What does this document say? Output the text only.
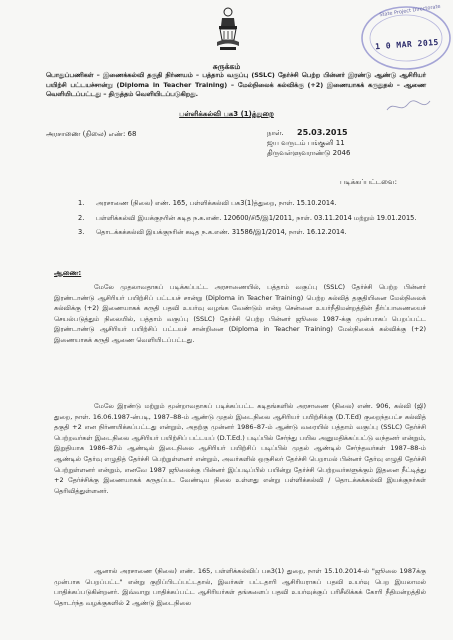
State Project Directorate
1 0 MAR 2015
சுருக்கம்
பொதுப்பணிகள் – இணைக்கல்வி தகுதி நிர்ணயம் – பத்தாம் வகுப்பு (SSLC) தேர்ச்சி பெற்ற பின்னர் இரண்டு ஆண்டு ஆசிரியர் பயிற்சி பட்டயச்சான்று (Diploma in Teacher Training) – மேல்நிலைக் கல்விக்கு (+2) இணையாகக் கருதுதல் – ஆணை வெளியிடப்பட்டது – திருத்தம் வெளியிடப்படுகிறது.
பள்ளிக்கல்வி பக3 (1)த்துறை
அரசாணை (நிலை) எண்: 68	நாள். 25.03.2015
ஜய வருடம் பங்குனி 11
திருவள்ளுவராண்டு 2046
படிக்கப்பட்டவை:
1. அரசாணை (நிலை) எண். 165, பள்ளிக்கல்வி பக3(1)த்துறை, நாள். 15.10.2014.
2. பள்ளிக்கல்வி இயக்குநரின் கடித ந.க.எண். 120600/சி5/இ1/2011, நாள். 03.11.2014 மற்றும் 19.01.2015.
3. தொடக்கக்கல்வி இயக்குநரின் கடித ந.க.எண். 31586/இ1/2014, நாள். 16.12.2014.
ஆணை:
மேலே முதலாவதாகப் படிக்கப்பட்ட அரசாணையில், பத்தாம் வகுப்பு (SSLC) தேர்ச்சி பெற்ற பின்னர் இரண்டாண்டு ஆசிரியர் பயிற்சிப் பட்டயச் சான்று (Diploma in Teacher Training) பெற்ற கல்வித் தகுதியினை மேல்நிலைக் கல்விக்கு (+2) இணையாகக் கருதி பதவி உயர்வு வழங்க வேண்டும் என்ற சென்னை உயர்நீதிமன்றத்தின் தீர்ப்பாணையைச் செயல்படுத்தும் நிலையில், பத்தாம் வகுப்பு (SSLC) தேர்ச்சி பெற்ற பின்னர் ஜூலை 1987-க்கு முன்பாகப் பெறப்பட்ட இரண்டாண்டு ஆசிரியர் பயிற்சிப் பட்டயச் சான்றினை (Diploma in Teacher Training) மேல்நிலைக் கல்விக்கு (+2) இணையாகக் கருதி ஆணை வெளியிடப்பட்டது.
மேலே இரண்டு மற்றும் மூன்றாவதாகப் படிக்கப்பட்ட கடிதங்களில் அரசாணை (நிலை) எண். 906, கல்வி (ஜி) துறை, நாள். 16.06.1987-ன்படி, 1987–88-ம் ஆண்டு முதல் இடைநிலை ஆசிரியர் பயிற்சிக்கு (D.T.Ed) குறைந்தபட்ச கல்வித் தகுதி +2 என நிர்ணயிக்கப்பட்டது என்றும், அதற்கு முன்னர் 1986–87-ம் ஆண்டு வரையில் பத்தாம் வகுப்பு (SSLC) தேர்ச்சி பெற்றவர்கள் இடைநிலை ஆசிரியர் பயிற்சிப் பட்டயப் (D.T.Ed.) படிப்பில் சேர்ந்து பயில அனுமதிக்கப்பட்டு வந்தனர் என்றும், இறுதியாக 1986–87ம் ஆண்டில் இடைநிலை ஆசிரியர் பயிற்சிப் படிப்பில் முதல் ஆண்டில் சேர்ந்தவர்கள் 1987–88-ம் ஆண்டில் தேர்வு எழுதித் தேர்ச்சி பெற்றுள்ளனர் என்றும், அவர்களில் ஒருசிலர் தேர்ச்சி பெறாமல் பின்னர் தேர்வு எழுதி தேர்ச்சி பெற்றுள்ளனர் என்றும், எனவே 1987 ஜூலைக்கு பின்னர் இப்படிப்பில் பயின்று தேர்ச்சி பெற்றவர்களுக்கும் இதனை நீட்டித்து +2 தேர்ச்சிக்கு இணையாகக் கருதப்பட வேண்டிய நிலை உள்ளது என்று பள்ளிக்கல்வி / தொடக்கக்கல்வி இயக்குநர்கள் தெரிவித்துள்ளனர்.
ஆனால் அரசாணை (நிலை) எண். 165, பள்ளிக்கல்விப் பக3(1) துறை, நாள் 15.10.2014-ல் "ஜூலை 1987க்கு முன்பாக பெறப்பட்ட" என்று குறிப்பிடப்பட்டதால், இவர்கள் பட்டதாரி ஆசிரியராகப் பதவி உயர்வு பெற இயலாமல் பாதிக்கப்படுகின்றனர். இவ்வாறு பாதிக்கப்பட்ட ஆசிரியர்கள் தங்களைப் பதவி உயர்வுக்குப் பரிசீலிக்கக் கோரி நீதிமன்றத்தில் தொடர்ந்த வழக்குகளில் 2 ஆண்டு இடைநிலை
